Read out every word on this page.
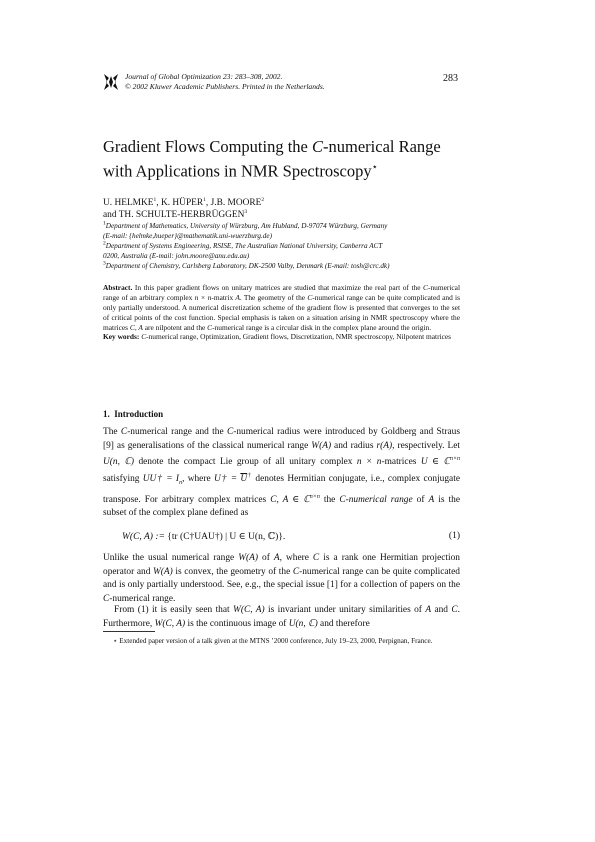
Journal of Global Optimization 23: 283–308, 2002.
© 2002 Kluwer Academic Publishers. Printed in the Netherlands.
283
Gradient Flows Computing the C-numerical Range
with Applications in NMR Spectroscopy⋆
U. HELMKE$^1$, K. HÜPER$^1$, J.B. MOORE$^2$
and TH. SCHULTE-HERBRÜGGEN$^3$
$^1$Department of Mathematics, University of Würzburg, Am Hubland, D-97074 Würzburg, Germany
(E-mail: {helmke,hueper}@mathematik.uni-wuerzburg.de)
$^2$Department of Systems Engineering, RSISE, The Australian National University, Canberra ACT
0200, Australia (E-mail: john.moore@anu.edu.au)
$^3$Department of Chemistry, Carlsberg Laboratory, DK-2500 Valby, Denmark (E-mail: tosh@crc.dk)
Abstract. In this paper gradient flows on unitary matrices are studied that maximize the real part of the C-numerical range of an arbitrary complex n × n-matrix A. The geometry of the C-numerical range can be quite complicated and is only partially understood. A numerical discretization scheme of the gradient flow is presented that converges to the set of critical points of the cost function. Special emphasis is taken on a situation arising in NMR spectroscopy where the matrices C, A are nilpotent and the C-numerical range is a circular disk in the complex plane around the origin.
Key words: C-numerical range, Optimization, Gradient flows, Discretization, NMR spectroscopy, Nilpotent matrices
1. Introduction
The C-numerical range and the C-numerical radius were introduced by Goldberg and Straus [9] as generalisations of the classical numerical range W(A) and radius r(A), respectively. Let U(n, ℂ) denote the compact Lie group of all unitary complex n × n-matrices U ∈ ℂ$^{n\times n}$ satisfying UU† = $I_n$, where U† = $\overline{U}^\dagger$ denotes Hermitian conjugate, i.e., complex conjugate transpose. For arbitrary complex matrices C, A ∈ ℂ$^{n\times n}$ the C-numerical range of A is the subset of the complex plane defined as
W(C, A) := {tr (C†UAU†) | U ∈ U(n, ℂ)}.	(1)
Unlike the usual numerical range W(A) of A, where C is a rank one Hermitian projection operator and W(A) is convex, the geometry of the C-numerical range can be quite complicated and is only partially understood. See, e.g., the special issue [1] for a collection of papers on the C-numerical range.
From (1) it is easily seen that W(C, A) is invariant under unitary similarities of A and C. Furthermore, W(C, A) is the continuous image of U(n, ℂ) and therefore
⋆ Extended paper version of a talk given at the MTNS ’2000 conference, July 19–23, 2000, Perpignan, France.
